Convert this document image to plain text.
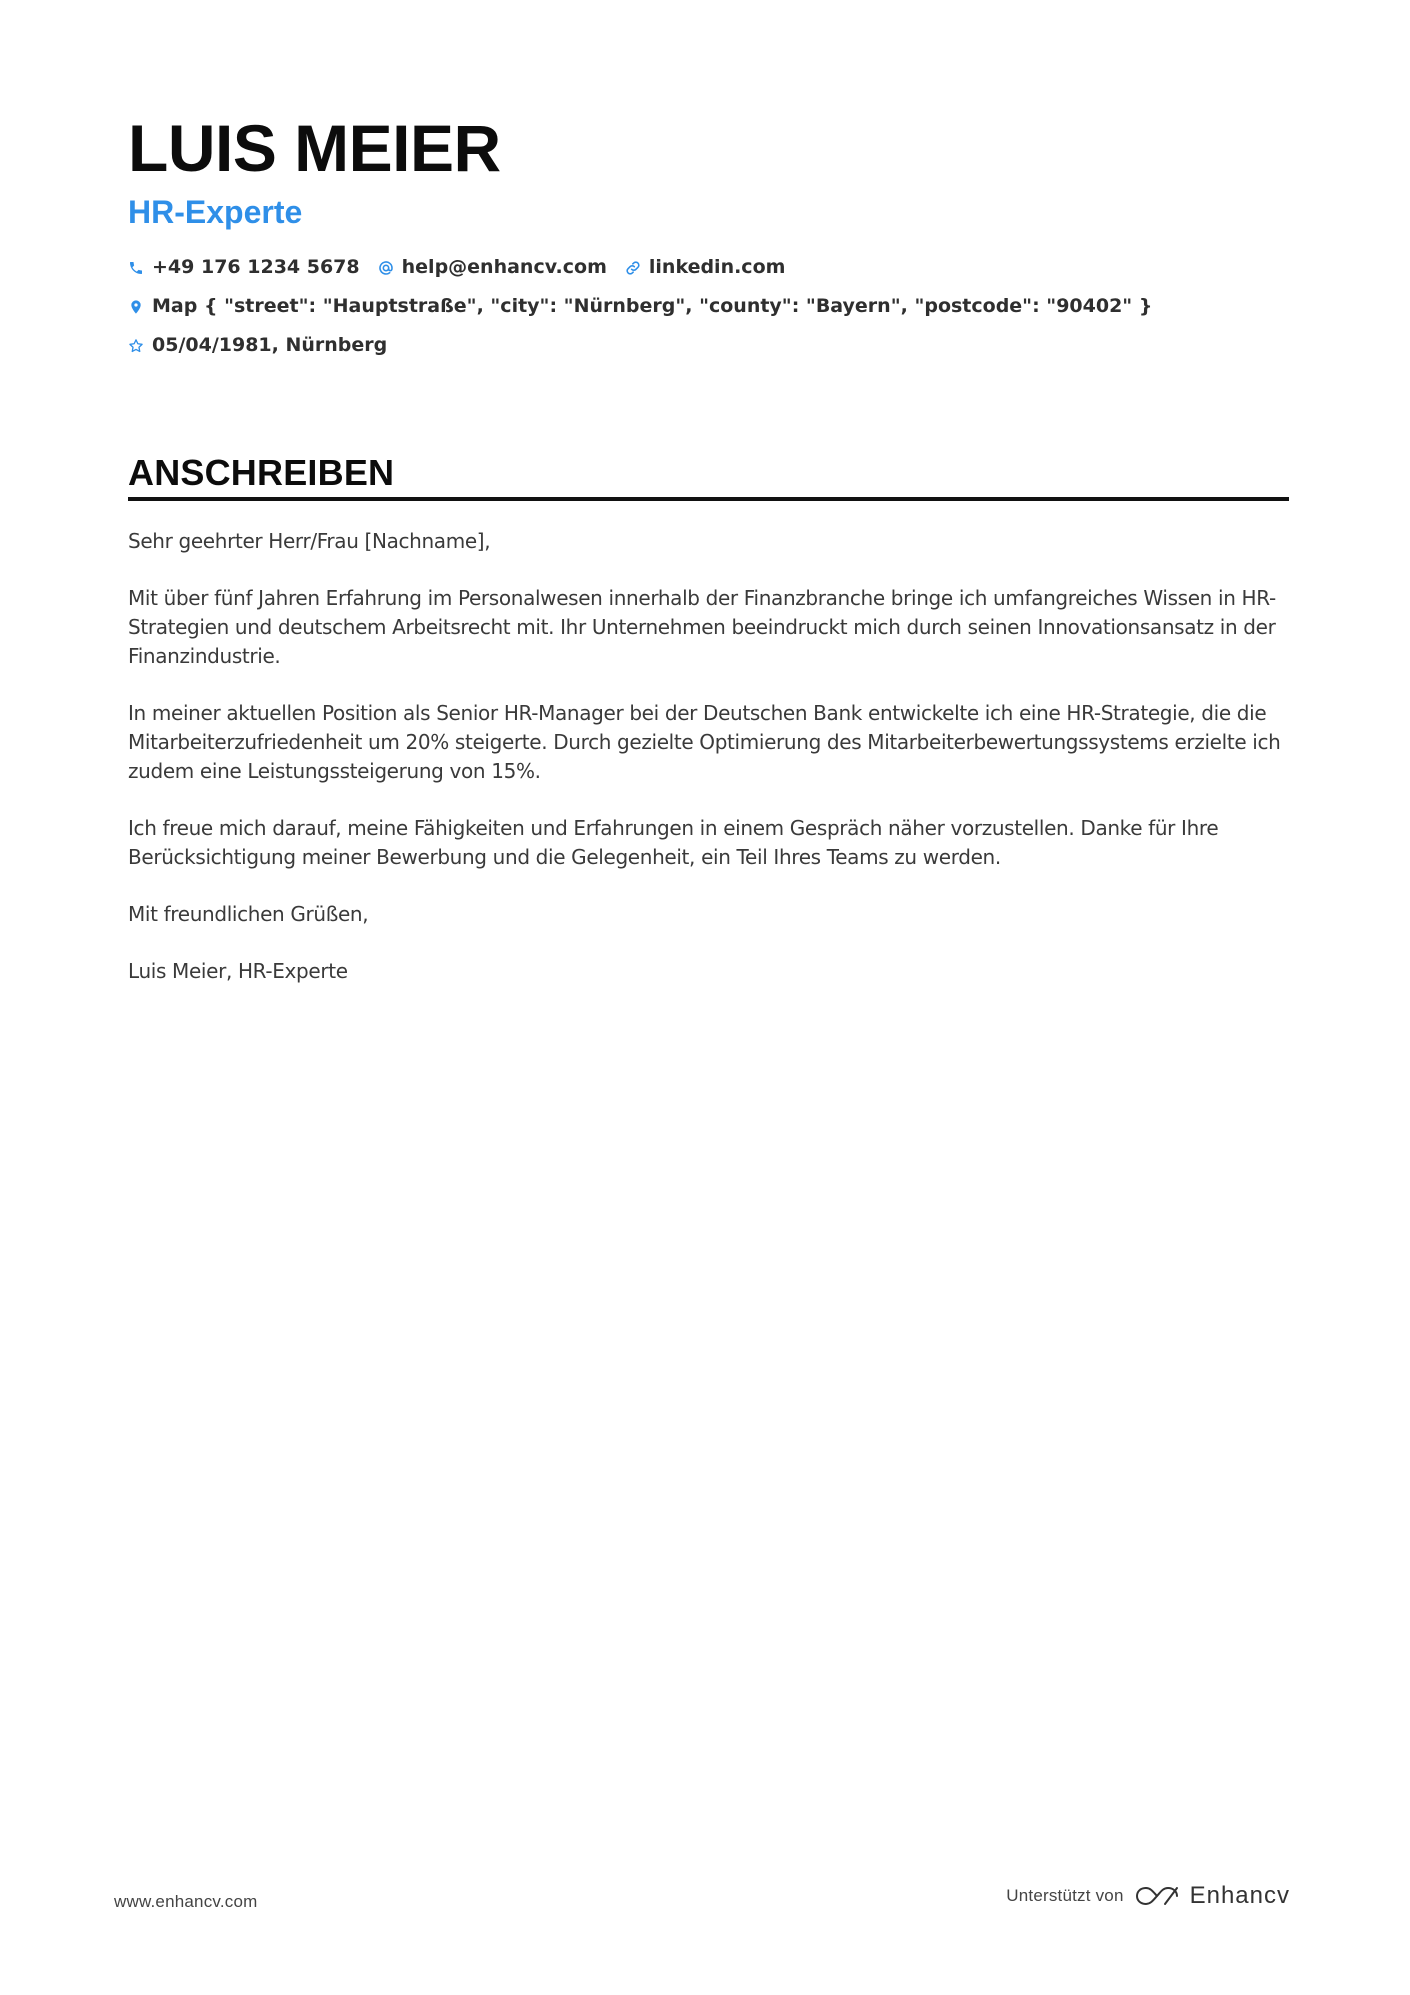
LUIS MEIER
HR-Experte
+49 176 1234 5678 help@enhancv.com linkedin.com
Map { "street": "Hauptstraße", "city": "Nürnberg", "county": "Bayern", "postcode": "90402" }
05/04/1981, Nürnberg
ANSCHREIBEN

Sehr geehrter Herr/Frau [Nachname],

Mit über fünf Jahren Erfahrung im Personalwesen innerhalb der Finanzbranche bringe ich umfangreiches Wissen in HR-Strategien und deutschem Arbeitsrecht mit. Ihr Unternehmen beeindruckt mich durch seinen Innovationsansatz in der Finanzindustrie.

In meiner aktuellen Position als Senior HR-Manager bei der Deutschen Bank entwickelte ich eine HR-Strategie, die die Mitarbeiterzufriedenheit um 20% steigerte. Durch gezielte Optimierung des Mitarbeiterbewertungssystems erzielte ich zudem eine Leistungssteigerung von 15%.

Ich freue mich darauf, meine Fähigkeiten und Erfahrungen in einem Gespräch näher vorzustellen. Danke für Ihre Berücksichtigung meiner Bewerbung und die Gelegenheit, ein Teil Ihres Teams zu werden.

Mit freundlichen Grüßen,

Luis Meier, HR-Experte

www.enhancv.com	Unterstützt von	Enhancv
